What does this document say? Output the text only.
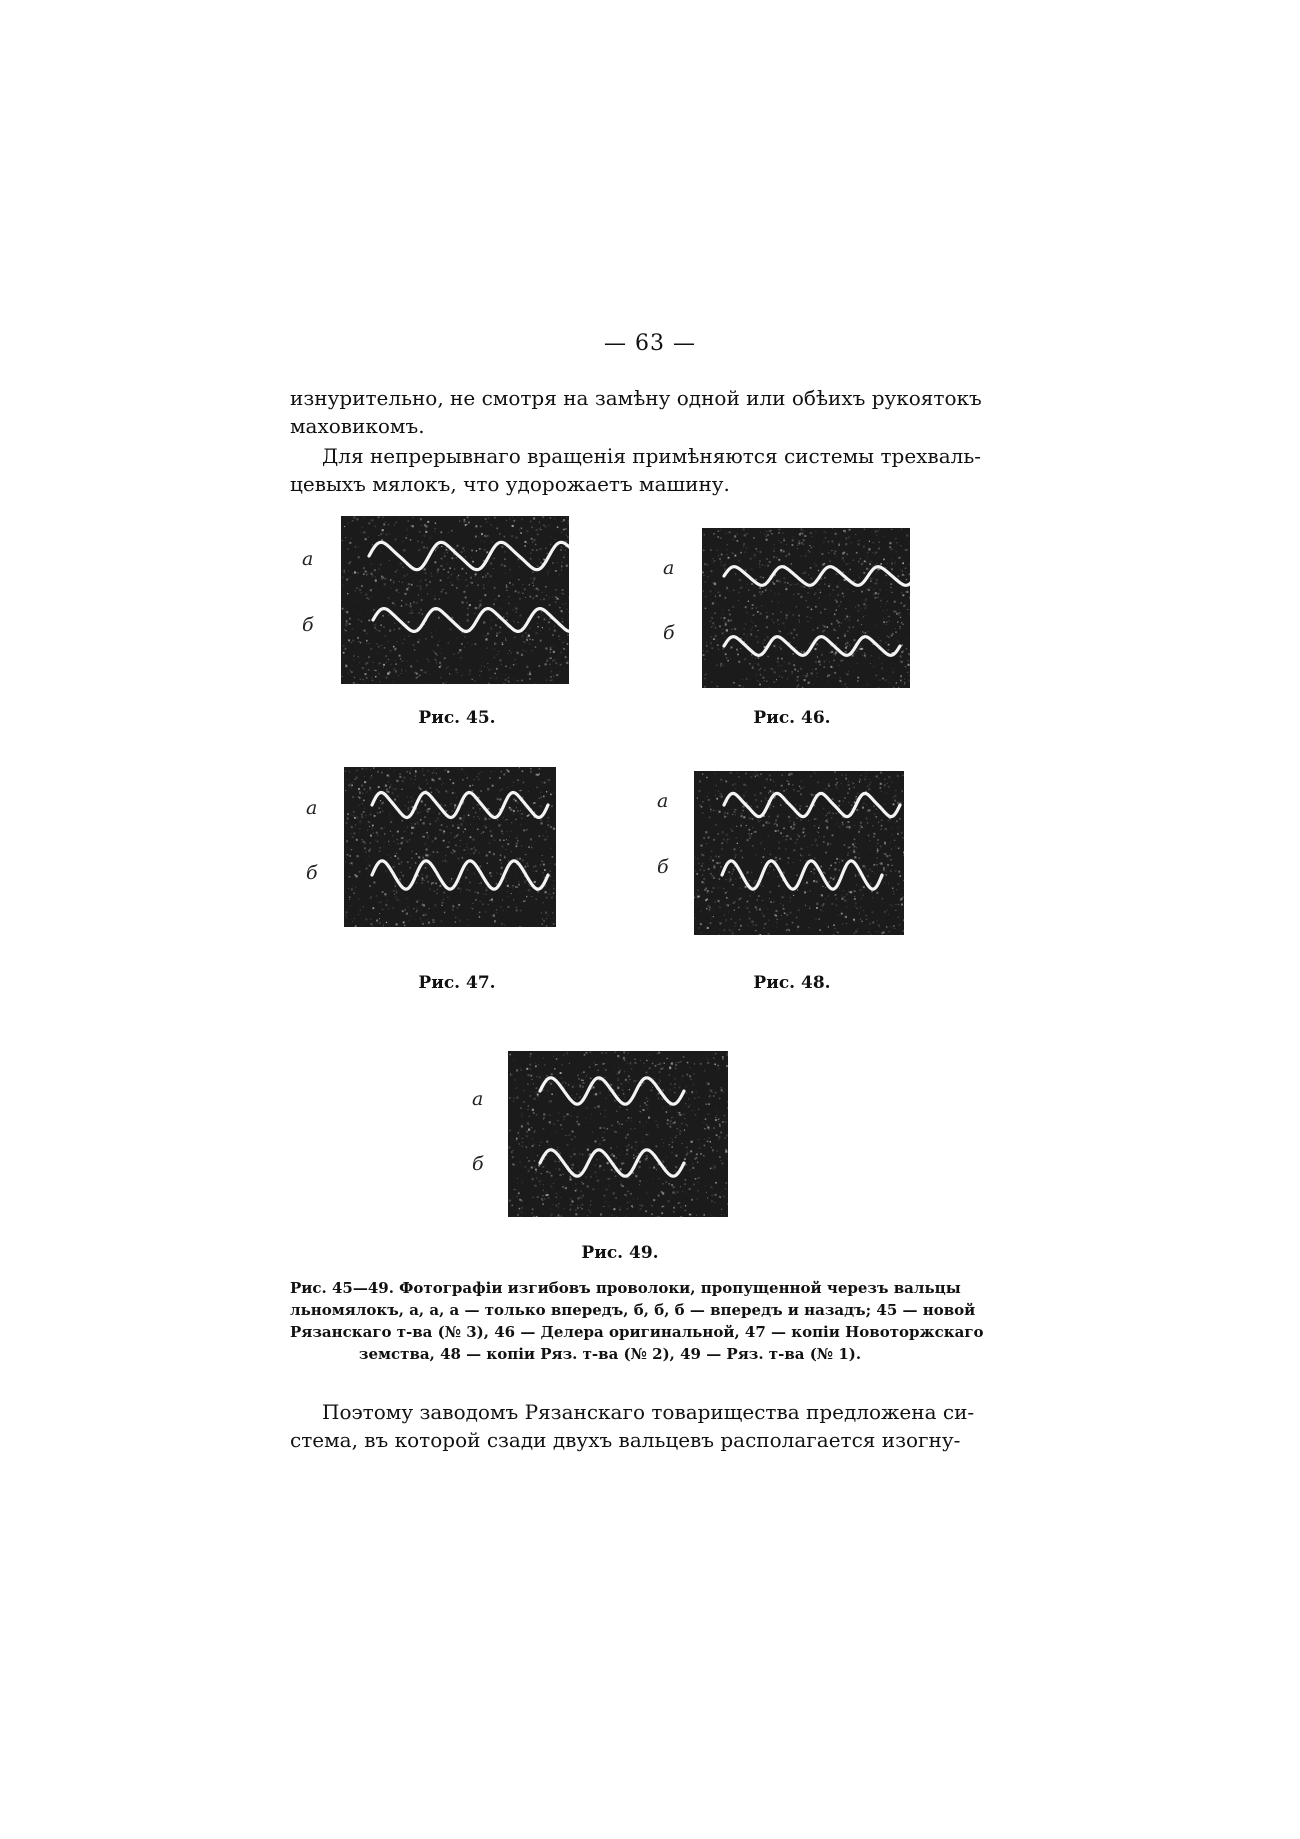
— 63 —

изнурительно, не смотря на замѣну одной или обѣихъ рукоятокъ
маховикомъ.

Для непрерывнаго вращенія примѣняются системы трехваль-
цевыхъ мялокъ, что удорожаетъ машину.

а
б
Рис. 45.
а
б
Рис. 46.
а
б
Рис. 47.
а
б
Рис. 48.
а
б
Рис. 49.
Рис. 45—49. Фотографіи изгибовъ проволоки, пропущенной черезъ вальцы
льномялокъ, а, а, а — только впередъ, б, б, б — впередъ и назадъ; 45 — новой
Рязанскаго т-ва (№ 3), 46 — Делера оригинальной, 47 — копіи Новоторжскаго
земства, 48 — копіи Ряз. т-ва (№ 2), 49 — Ряз. т-ва (№ 1).

Поэтому заводомъ Рязанскаго товарищества предложена си-
стема, въ которой сзади двухъ вальцевъ располагается изогну-
